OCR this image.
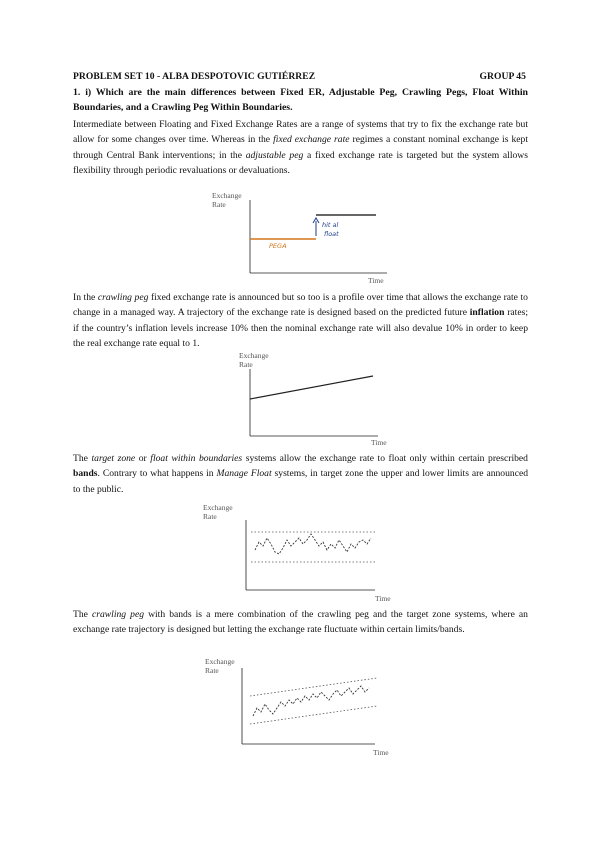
PROBLEM SET 10 - ALBA DESPOTOVIC GUTIÉRREZ	GROUP 45
1. i) Which are the main differences between Fixed ER, Adjustable Peg, Crawling Pegs, Float Within Boundaries, and a Crawling Peg Within Boundaries.
Intermediate between Floating and Fixed Exchange Rates are a range of systems that try to fix the exchange rate but allow for some changes over time. Whereas in the fixed exchange rate regimes a constant nominal exchange is kept through Central Bank interventions; in the adjustable peg a fixed exchange rate is targeted but the system allows flexibility through periodic revaluations or devaluations.
Exchange
Rate
hit al
float
PEGA
Time
In the crawling peg fixed exchange rate is announced but so too is a profile over time that allows the exchange rate to change in a managed way. A trajectory of the exchange rate is designed based on the predicted future inflation rates; if the country’s inflation levels increase 10% then the nominal exchange rate will also devalue 10% in order to keep the real exchange rate equal to 1.
Exchange
Rate
Time
The target zone or float within boundaries systems allow the exchange rate to float only within certain prescribed bands. Contrary to what happens in Manage Float systems, in target zone the upper and lower limits are announced to the public.
Exchange
Rate
Time
The crawling peg with bands is a mere combination of the crawling peg and the target zone systems, where an exchange rate trajectory is designed but letting the exchange rate fluctuate within certain limits/bands.
Exchange
Rate
Time
